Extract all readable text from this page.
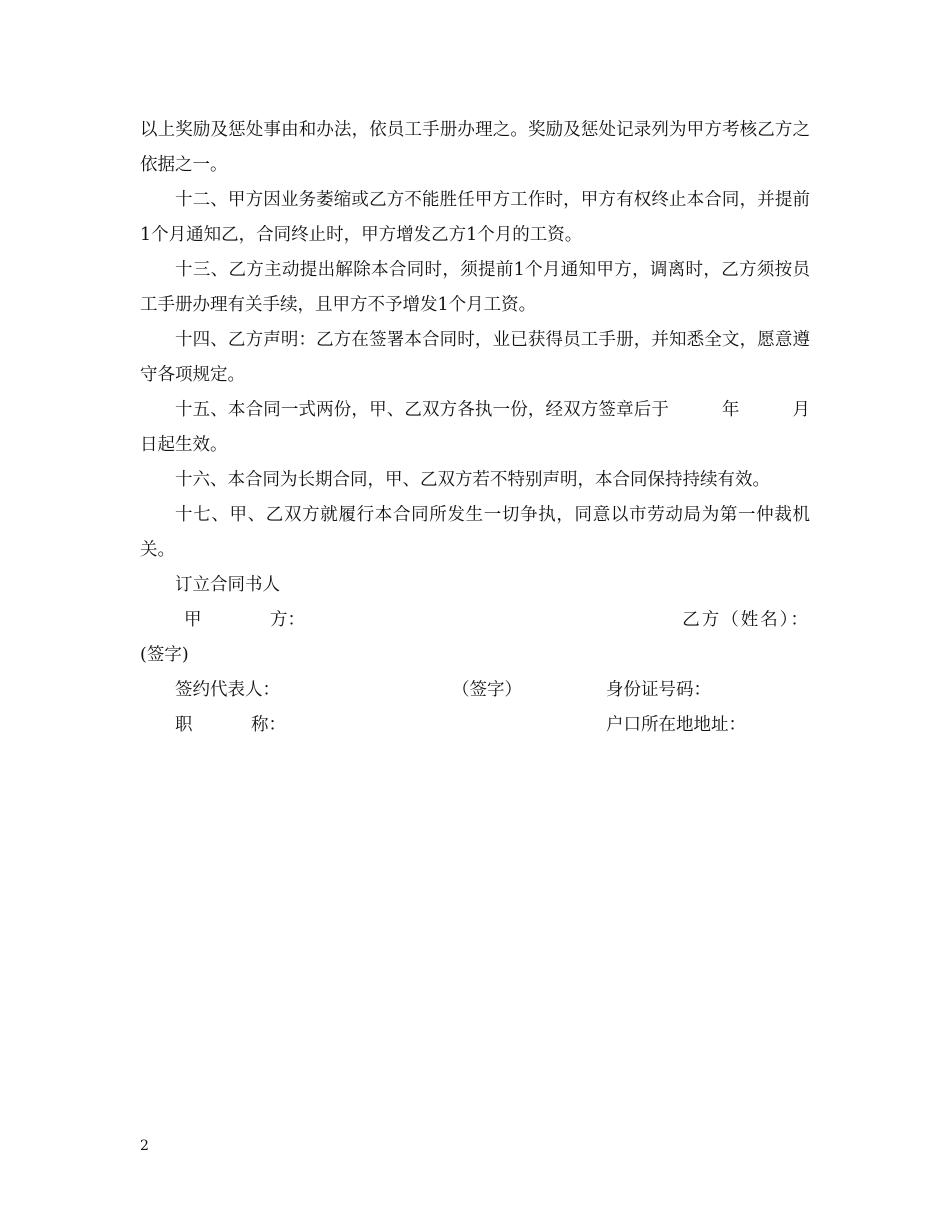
以上奖励及惩处事由和办法，依员工手册办理之。奖励及惩处记录列为甲方考核乙方之依据之一。

十二、甲方因业务萎缩或乙方不能胜任甲方工作时，甲方有权终止本合同，并提前1个月通知乙，合同终止时，甲方增发乙方1个月的工资。

十三、乙方主动提出解除本合同时，须提前1个月通知甲方，调离时，乙方须按员工手册办理有关手续，且甲方不予增发1个月工资。

十四、乙方声明：乙方在签署本合同时，业已获得员工手册，并知悉全文，愿意遵守各项规定。

十五、本合同一式两份，甲、乙双方各执一份，经双方签章后于　　　年　　　月日起生效。

十六、本合同为长期合同，甲、乙双方若不特别声明，本合同保持持续有效。

十七、甲、乙双方就履行本合同所发生一切争执，同意以市劳动局为第一仲裁机关。

订立合同书人

甲	方：	乙方（姓名）：
(签字)
签约代表人：	（签字）	身份证号码：
职	称：	户口所在地地址：
2
